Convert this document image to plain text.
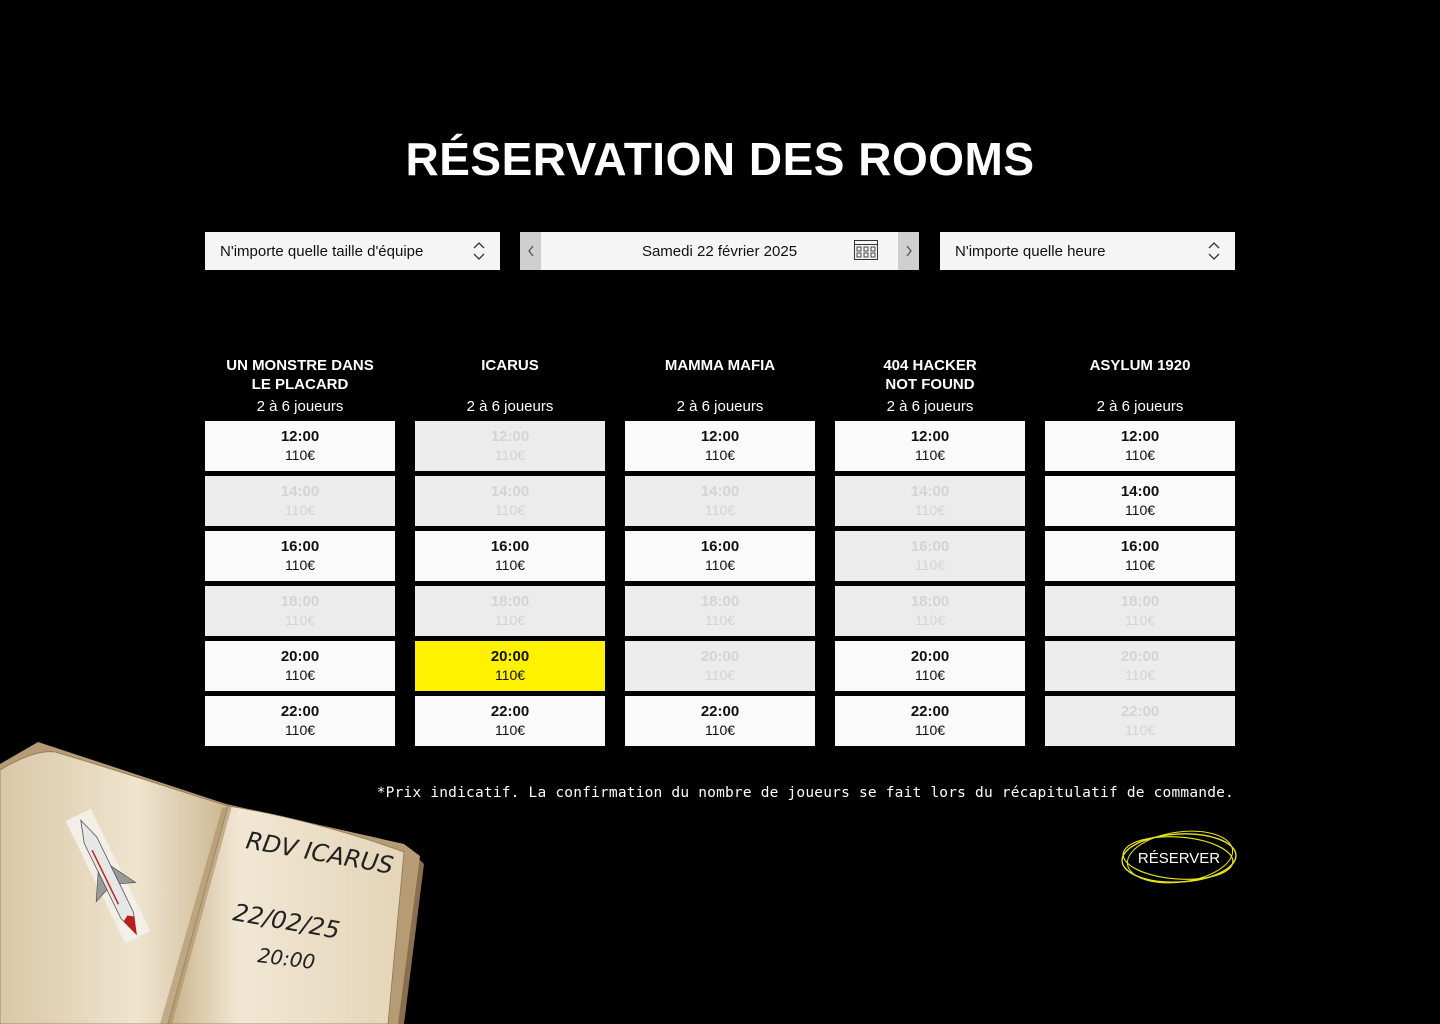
RÉSERVATION DES ROOMS
N'importe quelle taille d'équipe	Samedi 22 février 2025	N'importe quelle heure
UN MONSTRE DANS
LE PLACARD
2 à 6 joueurs
12:00
110€
14:00
110€
16:00
110€
18:00
110€
20:00
110€
22:00
110€
ICARUS
2 à 6 joueurs
12:00
110€
14:00
110€
16:00
110€
18:00
110€
20:00
110€
22:00
110€
MAMMA MAFIA
2 à 6 joueurs
12:00
110€
14:00
110€
16:00
110€
18:00
110€
20:00
110€
22:00
110€
404 HACKER
NOT FOUND
2 à 6 joueurs
12:00
110€
14:00
110€
16:00
110€
18:00
110€
20:00
110€
22:00
110€
ASYLUM 1920
2 à 6 joueurs
12:00
110€
14:00
110€
16:00
110€
18:00
110€
20:00
110€
22:00
110€
*Prix indicatif. La confirmation du nombre de joueurs se fait lors du récapitulatif de commande.
RÉSERVER
RDV ICARUS
22/02/25
20:00
